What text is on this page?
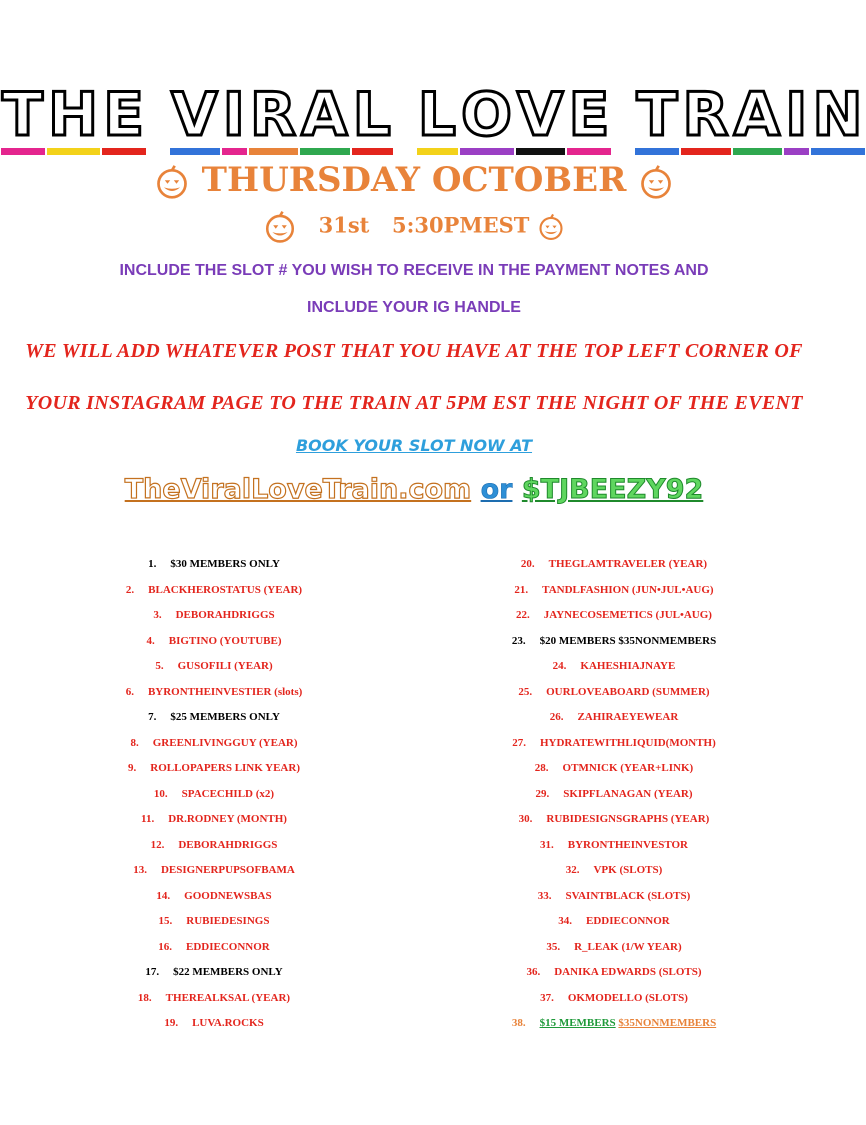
THE VIRAL LOVE TRAIN
THURSDAY OCTOBER
31st 5:30PMEST
INCLUDE THE SLOT # YOU WISH TO RECEIVE IN THE PAYMENT NOTES AND
INCLUDE YOUR IG HANDLE
WE WILL ADD WHATEVER POST THAT YOU HAVE AT THE TOP LEFT CORNER OF
YOUR INSTAGRAM PAGE TO THE TRAIN AT 5PM EST THE NIGHT OF THE EVENT
BOOK YOUR SLOT NOW AT
TheViralLoveTrain.com or $TJBEEZY92
1. $30 MEMBERS ONLY
2. BLACKHEROSTATUS (YEAR)
3. DEBORAHDRIGGS
4. BIGTINO (YOUTUBE)
5. GUSOFILI (YEAR)
6. BYRONTHEINVESTIER (slots)
7. $25 MEMBERS ONLY
8. GREENLIVINGGUY (YEAR)
9. ROLLOPAPERS LINK YEAR)
10. SPACECHILD (x2)
11. DR.RODNEY (MONTH)
12. DEBORAHDRIGGS
13. DESIGNERPUPSOFBAMA
14. GOODNEWSBAS
15. RUBIEDESINGS
16. EDDIECONNOR
17. $22 MEMBERS ONLY
18. THEREALKSAL (YEAR)
19. LUVA.ROCKS
20. THEGLAMTRAVELER (YEAR)
21. TANDLFASHION (JUN•JUL•AUG)
22. JAYNECOSEMETICS (JUL•AUG)
23. $20 MEMBERS $35NONMEMBERS
24. KAHESHIAJNAYE
25. OURLOVEABOARD (SUMMER)
26. ZAHIRAEYEWEAR
27. HYDRATEWITHLIQUID(MONTH)
28. OTMNICK (YEAR+LINK)
29. SKIPFLANAGAN (YEAR)
30. RUBIDESIGNSGRAPHS (YEAR)
31. BYRONTHEINVESTOR
32. VPK (SLOTS)
33. SVAINTBLACK (SLOTS)
34. EDDIECONNOR
35. R_LEAK (1/W YEAR)
36. DANIKA EDWARDS (SLOTS)
37. OKMODELLO (SLOTS)
38. $15 MEMBERS $35NONMEMBERS
